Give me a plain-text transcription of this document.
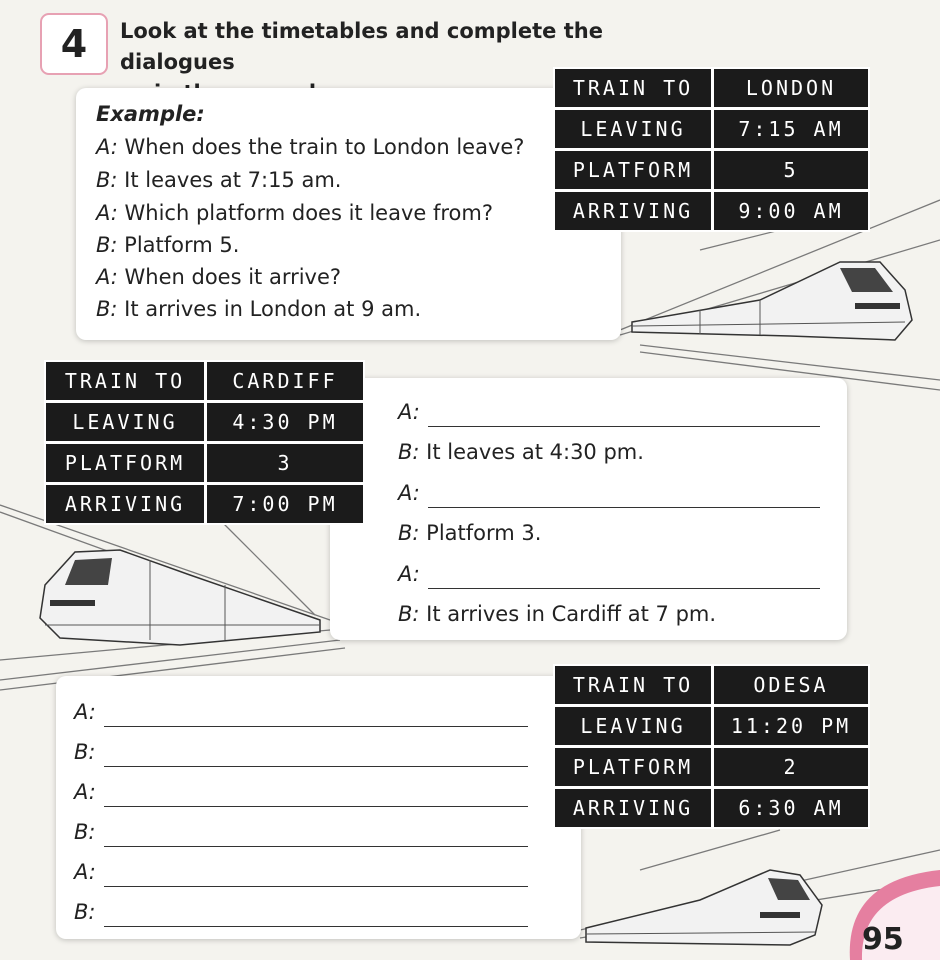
4	Look at the timetables and complete the dialogues
Example:
A: When does the train to London leave?
B: It leaves at 7:15 am.
A: Which platform does it leave from?
B: Platform 5.
A: When does it arrive?
B: It arrives in London at 9 am.
TRAIN TO	LONDON
LEAVING	7:15 AM
PLATFORM	5
ARRIVING	9:00 AM
TRAIN TO	CARDIFF
LEAVING	4:30 PM
PLATFORM	3
ARRIVING	7:00 PM
A:
B: It leaves at 4:30 pm.
A:
B: Platform 3.
A:
B: It arrives in Cardiff at 7 pm.
TRAIN TO	ODESA
LEAVING	11:20 PM
PLATFORM	2
ARRIVING	6:30 AM
A:
B:
A:
B:
A:
B:
95
